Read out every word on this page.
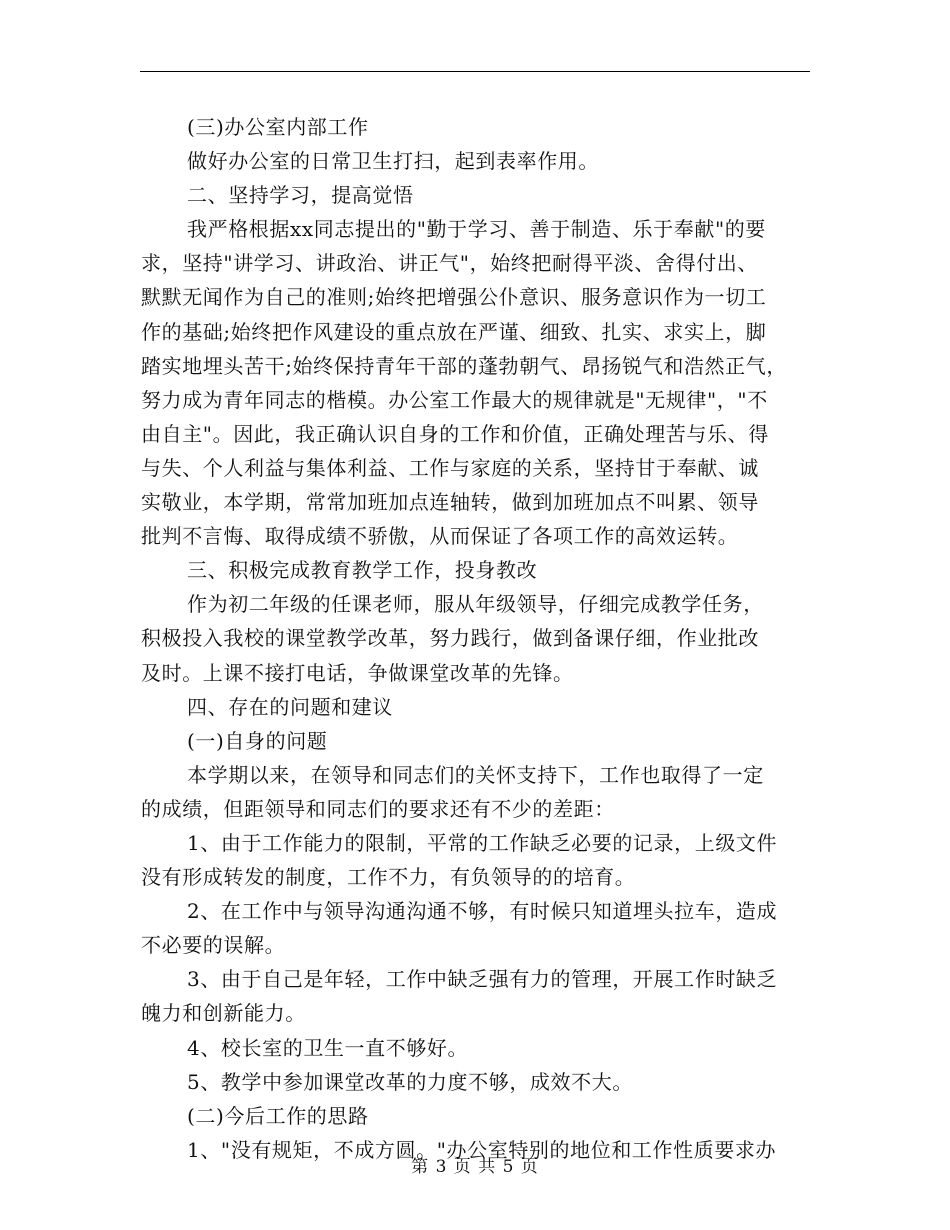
(三)办公室内部工作
做好办公室的日常卫生打扫，起到表率作用。
二、坚持学习，提高觉悟
我严格根据xx同志提出的"勤于学习、善于制造、乐于奉献"的要
求，坚持"讲学习、讲政治、讲正气"，始终把耐得平淡、舍得付出、
默默无闻作为自己的准则;始终把增强公仆意识、服务意识作为一切工
作的基础;始终把作风建设的重点放在严谨、细致、扎实、求实上，脚
踏实地埋头苦干;始终保持青年干部的蓬勃朝气、昂扬锐气和浩然正气，
努力成为青年同志的楷模。办公室工作最大的规律就是"无规律"，"不
由自主"。因此，我正确认识自身的工作和价值，正确处理苦与乐、得
与失、个人利益与集体利益、工作与家庭的关系，坚持甘于奉献、诚
实敬业，本学期，常常加班加点连轴转，做到加班加点不叫累、领导
批判不言悔、取得成绩不骄傲，从而保证了各项工作的高效运转。
三、积极完成教育教学工作，投身教改
作为初二年级的任课老师，服从年级领导，仔细完成教学任务，
积极投入我校的课堂教学改革，努力践行，做到备课仔细，作业批改
及时。上课不接打电话，争做课堂改革的先锋。
四、存在的问题和建议
(一)自身的问题
本学期以来，在领导和同志们的关怀支持下，工作也取得了一定
的成绩，但距领导和同志们的要求还有不少的差距：
1、由于工作能力的限制，平常的工作缺乏必要的记录，上级文件
没有形成转发的制度，工作不力，有负领导的的培育。
2、在工作中与领导沟通沟通不够，有时候只知道埋头拉车，造成
不必要的误解。
3、由于自己是年轻，工作中缺乏强有力的管理，开展工作时缺乏
魄力和创新能力。
4、校长室的卫生一直不够好。
5、教学中参加课堂改革的力度不够，成效不大。
(二)今后工作的思路
1、"没有规矩，不成方圆。"办公室特别的地位和工作性质要求办
第 3 页 共 5 页
